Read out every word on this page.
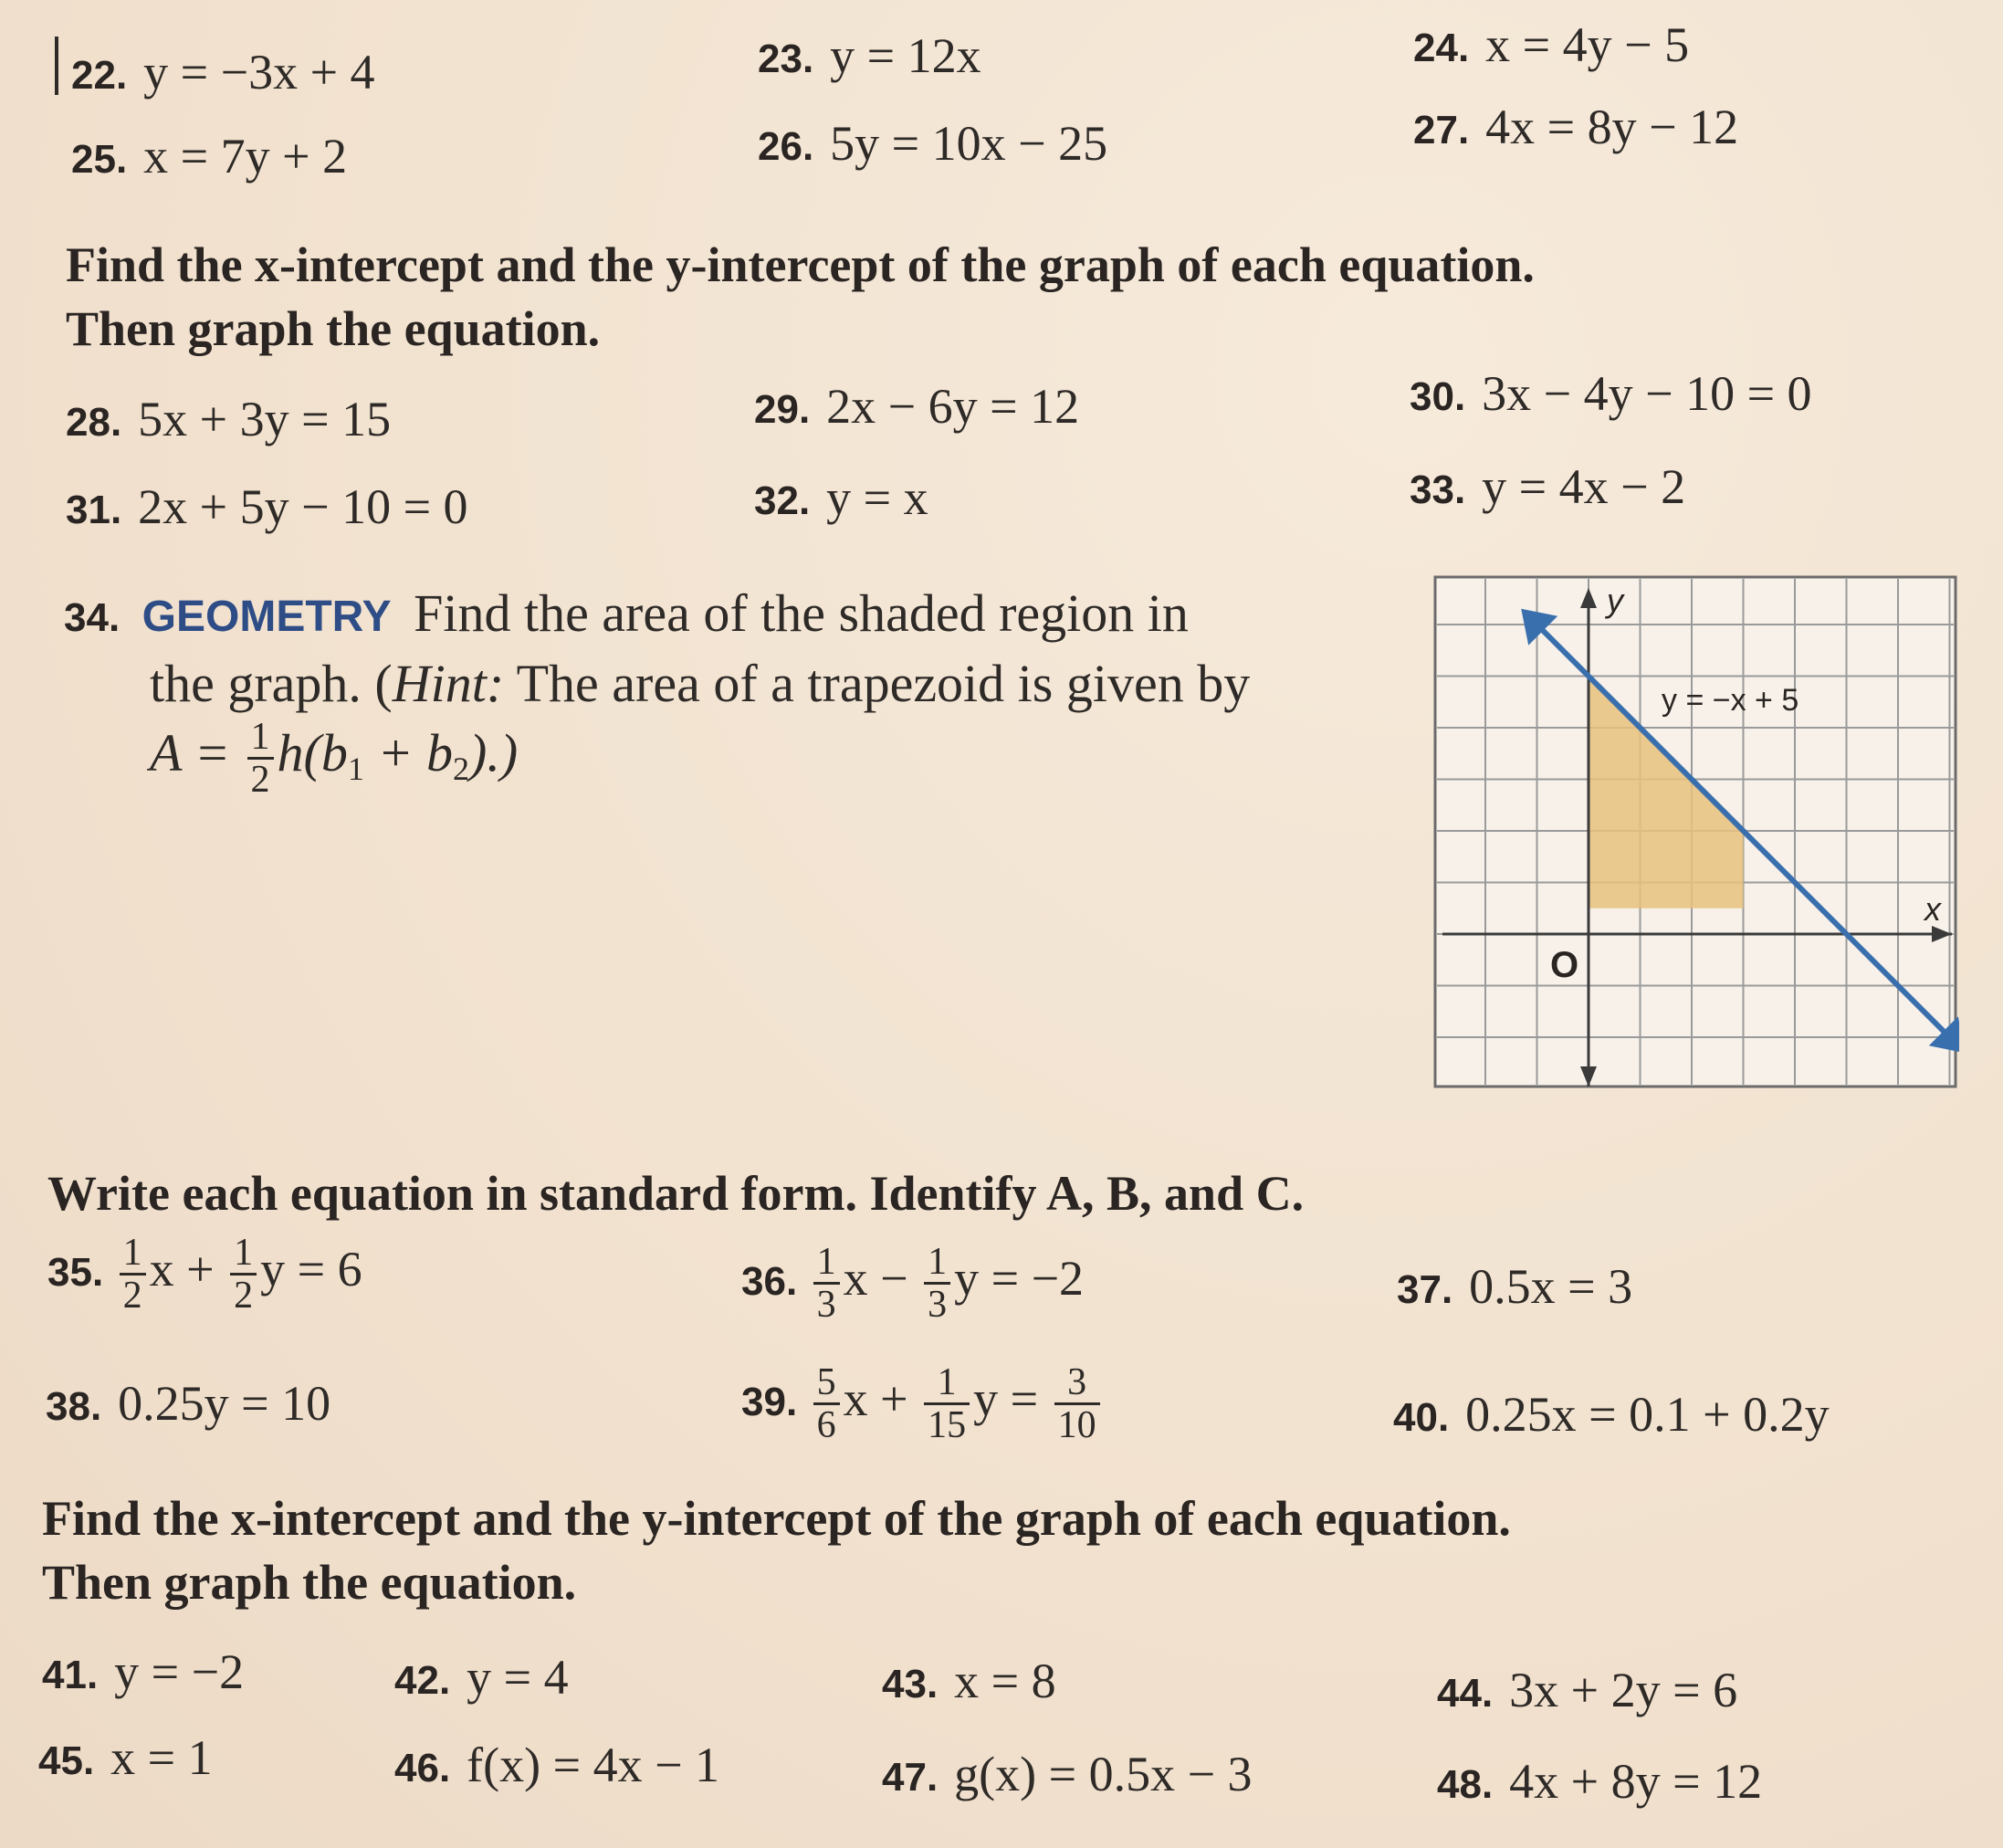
22. y = −3x + 4	23. y = 12x	24. x = 4y − 5
25. x = 7y + 2	26. 5y = 10x − 25	27. 4x = 8y − 12
Find the x-intercept and the y-intercept of the graph of each equation.
Then graph the equation.
28. 5x + 3y = 15	29. 2x − 6y = 12	30. 3x − 4y − 10 = 0
31. 2x + 5y − 10 = 0	32. y = x	33. y = 4x − 2
34. GEOMETRY Find the area of the shaded region in
the graph. (Hint: The area of a trapezoid is given by
$A = \frac{1}{2} h(b_1 + b_2)$.)
y
x
O
y = −x + 5
Write each equation in standard form. Identify A, B, and C.
35. $\frac{1}{2}$ $x + \frac{1}{2}$ y = 6	36. $\frac{1}{3}$ $x - \frac{1}{3}$ y = −2	37. 0.5x = 3
38. 0.25y = 10	39. $\frac{5}{6}$ $x + \frac{1}{15}$ $y = \frac{3}{10}$	40. 0.25x = 0.1 + 0.2y
Find the x-intercept and the y-intercept of the graph of each equation.
Then graph the equation.
41. y = −2	42. y = 4	43. x = 8	44. 3x + 2y = 6
45. x = 1	46. f(x) = 4x − 1	47. g(x) = 0.5x − 3	48. 4x + 8y = 12
